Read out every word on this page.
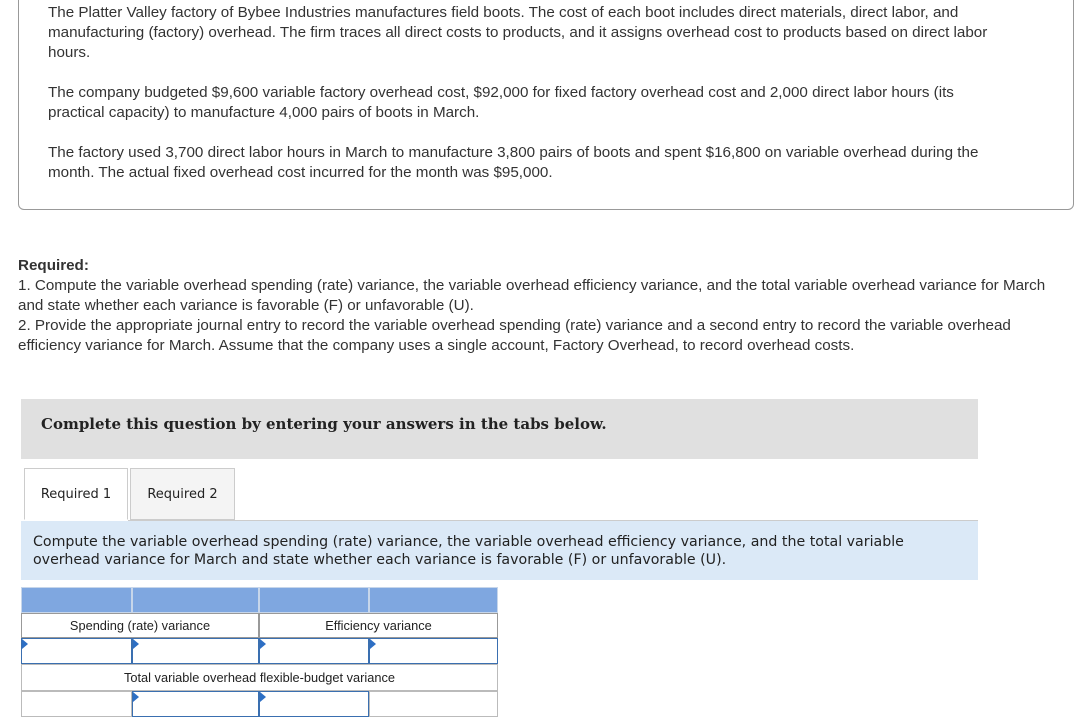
The Platter Valley factory of Bybee Industries manufactures field boots. The cost of each boot includes direct materials, direct labor, and manufacturing (factory) overhead. The firm traces all direct costs to products, and it assigns overhead cost to products based on direct labor hours.
The company budgeted $9,600 variable factory overhead cost, $92,000 for fixed factory overhead cost and 2,000 direct labor hours (its practical capacity) to manufacture 4,000 pairs of boots in March.
The factory used 3,700 direct labor hours in March to manufacture 3,800 pairs of boots and spent $16,800 on variable overhead during the month. The actual fixed overhead cost incurred for the month was $95,000.
Required:
1. Compute the variable overhead spending (rate) variance, the variable overhead efficiency variance, and the total variable overhead variance for March and state whether each variance is favorable (F) or unfavorable (U).
2. Provide the appropriate journal entry to record the variable overhead spending (rate) variance and a second entry to record the variable overhead efficiency variance for March. Assume that the company uses a single account, Factory Overhead, to record overhead costs.
Complete this question by entering your answers in the tabs below.
Required 1	Required 2
Compute the variable overhead spending (rate) variance, the variable overhead efficiency variance, and the total variable overhead variance for March and state whether each variance is favorable (F) or unfavorable (U).
Spending (rate) variance	Efficiency variance
Total variable overhead flexible-budget variance
